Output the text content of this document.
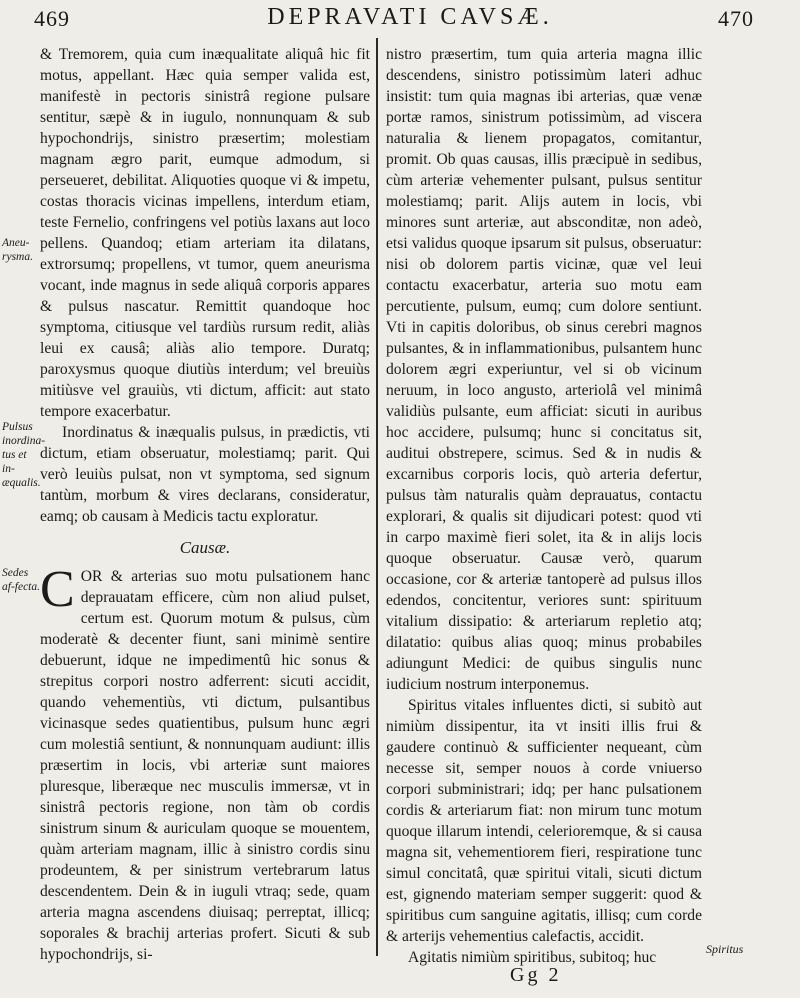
469	DEPRAVATI CAVSÆ.	470
Aneu-rysma.
Pulsus inordina-tus et in-æqualis.
Sedes af-fecta.

& Tremorem, quia cum inæqualitate aliquâ hic fit motus, appellant. Hæc quia semper valida est, manifestè in pectoris sinistrâ regione pulsare sentitur, sæpè & in iugulo, nonnunquam & sub hypochondrijs, sinistro præsertim; molestiam magnam ægro parit, eumque admodum, si perseueret, debilitat. Aliquoties quoque vi & impetu, costas thoracis vicinas impellens, interdum etiam, teste Fernelio, confringens vel potiùs laxans aut loco pellens. Quandoq; etiam arteriam ita dilatans, extrorsumq; propellens, vt tumor, quem aneurisma vocant, inde magnus in sede aliquâ corporis appares & pulsus nascatur. Remittit quandoque hoc symptoma, citiusque vel tardiùs rursum redit, aliàs leui ex causâ; aliàs alio tempore. Duratq; paroxysmus quoque diutiùs interdum; vel breuiùs mitiùsve vel grauiùs, vti dictum, afficit: aut stato tempore exacerbatur.

Inordinatus & inæqualis pulsus, in prædictis, vti dictum, etiam obseruatur, molestiamq; parit. Qui verò leuiùs pulsat, non vt symptoma, sed signum tantùm, morbum & vires declarans, consideratur, eamq; ob causam à Medicis tactu exploratur.

Causæ.

COR & arterias suo motu pulsationem hanc deprauatam efficere, cùm non aliud pulset, certum est. Quorum motum & pulsus, cùm moderatè & decenter fiunt, sani minimè sentire debuerunt, idque ne impedimentû hic sonus & strepitus corpori nostro adferrent: sicuti accidit, quando vehementiùs, vti dictum, pulsantibus vicinasque sedes quatientibus, pulsum hunc ægri cum molestiâ sentiunt, & nonnunquam audiunt: illis præsertim in locis, vbi arteriæ sunt maiores pluresque, liberæque nec musculis immersæ, vt in sinistrâ pectoris regione, non tàm ob cordis sinistrum sinum & auriculam quoque se mouentem, quàm arteriam magnam, illic à sinistro cordis sinu prodeuntem, & per sinistrum vertebrarum latus descendentem. Dein & in iuguli vtraq; sede, quam arteria magna ascendens diuisaq; perreptat, illicq; soporales & brachij arterias profert. Sicuti & sub hypochondrijs, si-

nistro præsertim, tum quia arteria magna illic descendens, sinistro potissimùm lateri adhuc insistit: tum quia magnas ibi arterias, quæ venæ portæ ramos, sinistrum potissimùm, ad viscera naturalia & lienem propagatos, comitantur, promit. Ob quas causas, illis præcipuè in sedibus, cùm arteriæ vehementer pulsant, pulsus sentitur molestiamq; parit. Alijs autem in locis, vbi minores sunt arteriæ, aut absconditæ, non adeò, etsi validus quoque ipsarum sit pulsus, obseruatur: nisi ob dolorem partis vicinæ, quæ vel leui contactu exacerbatur, arteria suo motu eam percutiente, pulsum, eumq; cum dolore sentiunt. Vti in capitis doloribus, ob sinus cerebri magnos pulsantes, & in inflammationibus, pulsantem hunc dolorem ægri experiuntur, vel si ob vicinum neruum, in loco angusto, arteriolâ vel minimâ validiùs pulsante, eum afficiat: sicuti in auribus hoc accidere, pulsumq; hunc si concitatus sit, auditui obstrepere, scimus. Sed & in nudis & excarnibus corporis locis, quò arteria defertur, pulsus tàm naturalis quàm deprauatus, contactu explorari, & qualis sit dijudicari potest: quod vti in carpo maximè fieri solet, ita & in alijs locis quoque obseruatur. Causæ verò, quarum occasione, cor & arteriæ tantoperè ad pulsus illos edendos, concitentur, veriores sunt: spirituum vitalium dissipatio: & arteriarum repletio atq; dilatatio: quibus alias quoq; minus probabiles adiungunt Medici: de quibus singulis nunc iudicium nostrum interponemus.

Spiritus vitales influentes dicti, si subitò aut nimiùm dissipentur, ita vt insiti illis frui & gaudere continuò & sufficienter nequeant, cùm necesse sit, semper nouos à corde vniuerso corpori subministrari; idq; per hanc pulsationem cordis & arteriarum fiat: non mirum tunc motum quoque illarum intendi, celerioremque, & si causa magna sit, vehementiorem fieri, respiratione tunc simul concitatâ, quæ spiritui vitali, sicuti dictum est, gignendo materiam semper suggerit: quod & spiritibus cum sanguine agitatis, illisq; cum corde & arterijs vehementius calefactis, accidit.

Agitatis nimiùm spiritibus, subitoq; huc	Spiritus
Gg 2
